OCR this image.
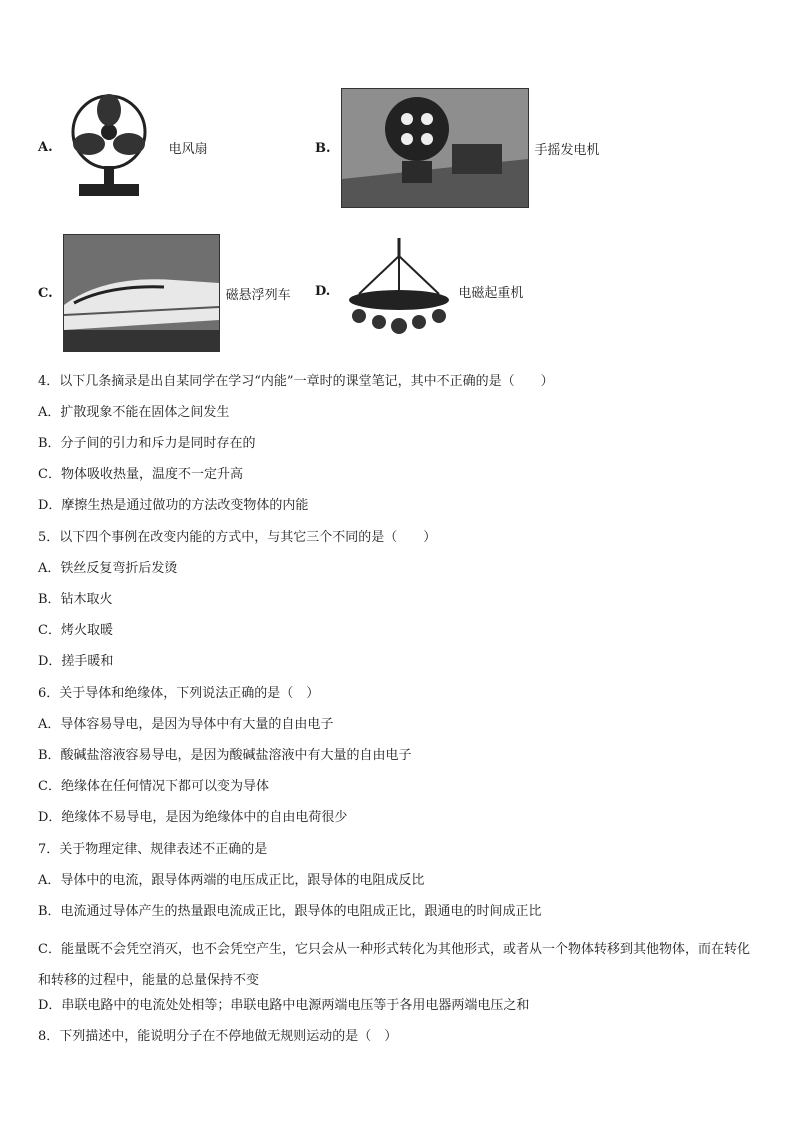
A.	电风扇	B.	手摇发电机
C.	磁悬浮列车 D.	电磁起重机
4．以下几条摘录是出自某同学在学习“内能”一章时的课堂笔记，其中不正确的是（　　）
A．扩散现象不能在固体之间发生
B．分子间的引力和斥力是同时存在的
C．物体吸收热量，温度不一定升高
D．摩擦生热是通过做功的方法改变物体的内能
5．以下四个事例在改变内能的方式中，与其它三个不同的是（　　）
A．铁丝反复弯折后发烫
B．钻木取火
C．烤火取暖
D．搓手暖和
6．关于导体和绝缘体，下列说法正确的是（　）
A．导体容易导电，是因为导体中有大量的自由电子
B．酸碱盐溶液容易导电，是因为酸碱盐溶液中有大量的自由电子
C．绝缘体在任何情况下都可以变为导体
D．绝缘体不易导电，是因为绝缘体中的自由电荷很少
7．关于物理定律、规律表述不正确的是
A．导体中的电流，跟导体两端的电压成正比，跟导体的电阻成反比
B．电流通过导体产生的热量跟电流成正比，跟导体的电阻成正比，跟通电的时间成正比
C．能量既不会凭空消灭，也不会凭空产生，它只会从一种形式转化为其他形式，或者从一个物体转移到其他物体，而在转化和转移的过程中，能量的总量保持不变
D．串联电路中的电流处处相等；串联电路中电源两端电压等于各用电器两端电压之和
8．下列描述中，能说明分子在不停地做无规则运动的是（　）
